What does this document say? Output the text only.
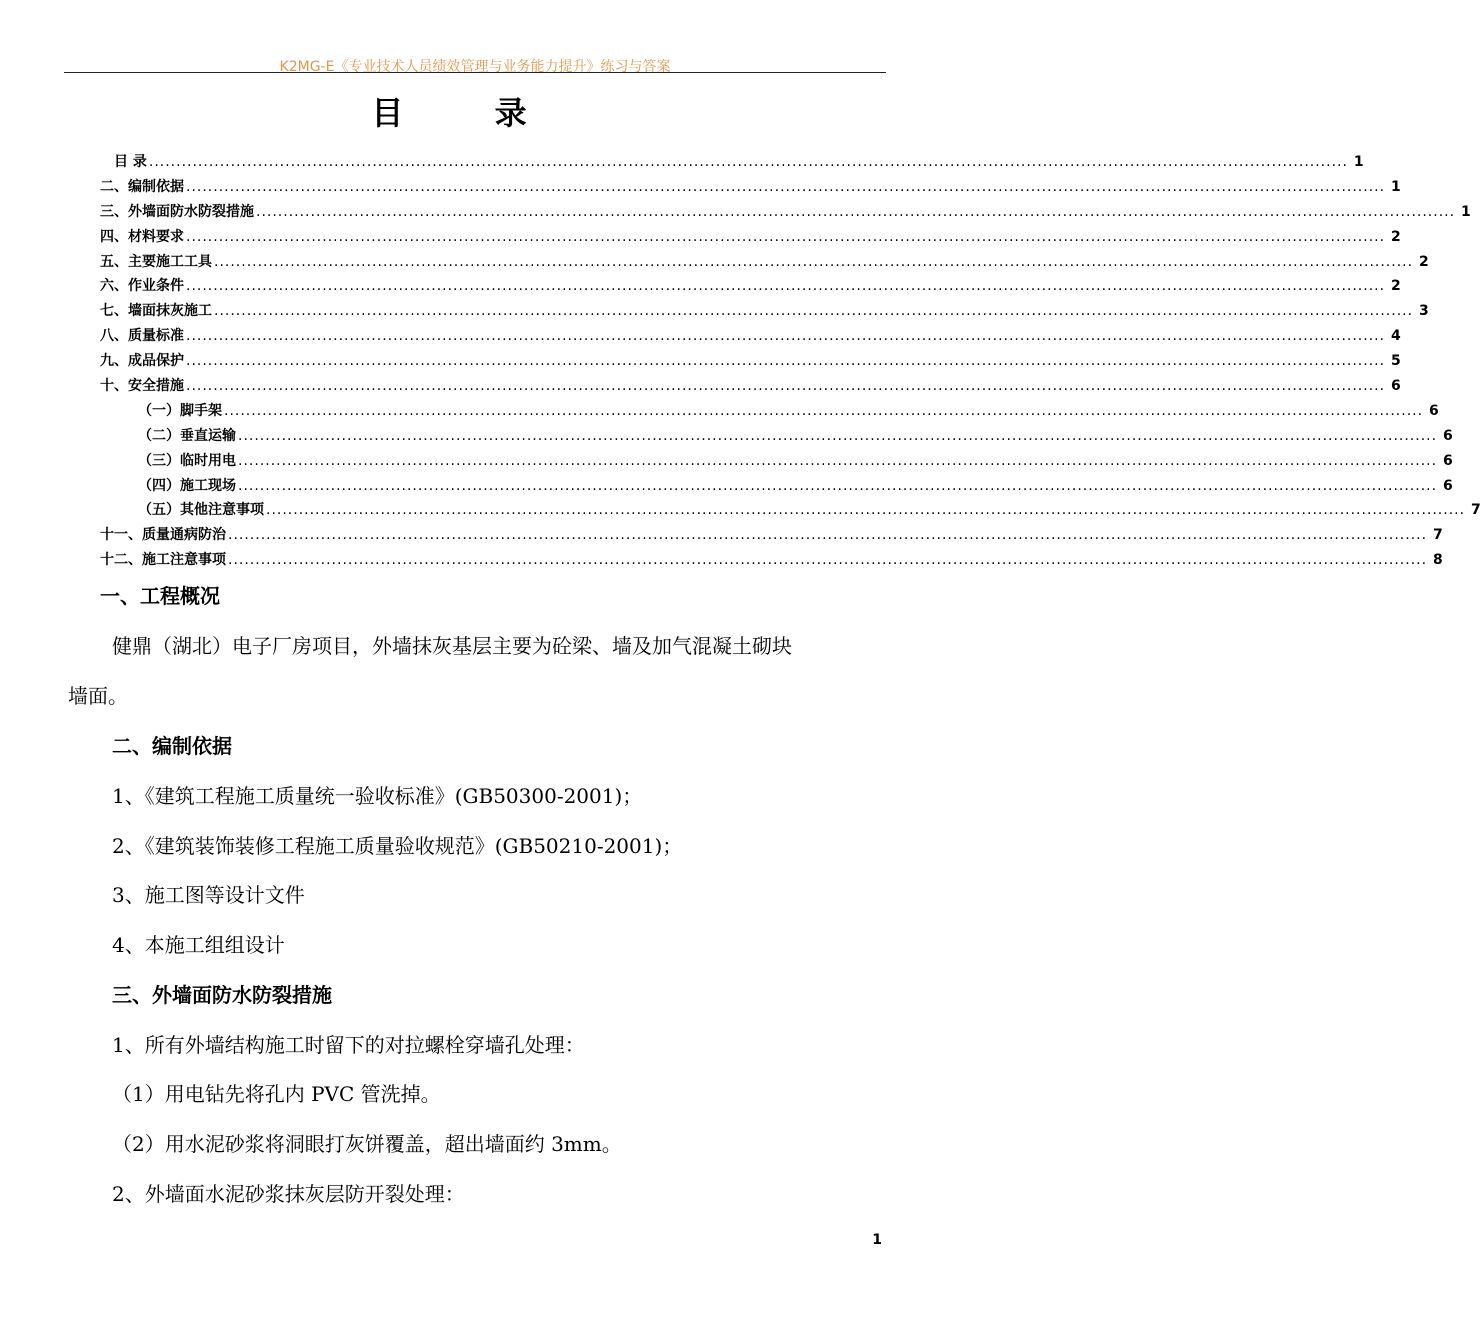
K2MG-E《专业技术人员绩效管理与业务能力提升》练习与答案
目 录
目 录 ............................................................................................................................................................................................................................ 1
二、编制依据 ............................................................................................................................................................................................................................ 1
三、外墙面防水防裂措施 ............................................................................................................................................................................................................................ 1
四、材料要求 ............................................................................................................................................................................................................................ 2
五、主要施工工具 ............................................................................................................................................................................................................................ 2
六、作业条件 ............................................................................................................................................................................................................................ 2
七、墙面抹灰施工 ............................................................................................................................................................................................................................ 3
八、质量标准 ............................................................................................................................................................................................................................ 4
九、成品保护 ............................................................................................................................................................................................................................ 5
十、安全措施 ............................................................................................................................................................................................................................ 6
（一）脚手架 ............................................................................................................................................................................................................................ 6
（二）垂直运输 ............................................................................................................................................................................................................................ 6
（三）临时用电 ............................................................................................................................................................................................................................ 6
（四）施工现场 ............................................................................................................................................................................................................................ 6
（五）其他注意事项 ............................................................................................................................................................................................................................ 7
十一、质量通病防治 ............................................................................................................................................................................................................................ 7
十二、施工注意事项 ............................................................................................................................................................................................................................ 8
一、工程概况
健鼎（湖北）电子厂房项目，外墙抹灰基层主要为砼梁、墙及加气混凝土砌块
墙面。
二、编制依据
1、《建筑工程施工质量统一验收标准》(GB50300-2001)；
2、《建筑装饰装修工程施工质量验收规范》(GB50210-2001)；
3、施工图等设计文件
4、本施工组组设计
三、外墙面防水防裂措施
1、所有外墙结构施工时留下的对拉螺栓穿墙孔处理：
（1）用电钻先将孔内 PVC 管洗掉。
（2）用水泥砂浆将洞眼打灰饼覆盖，超出墙面约 3mm。
2、外墙面水泥砂浆抹灰层防开裂处理：
1
